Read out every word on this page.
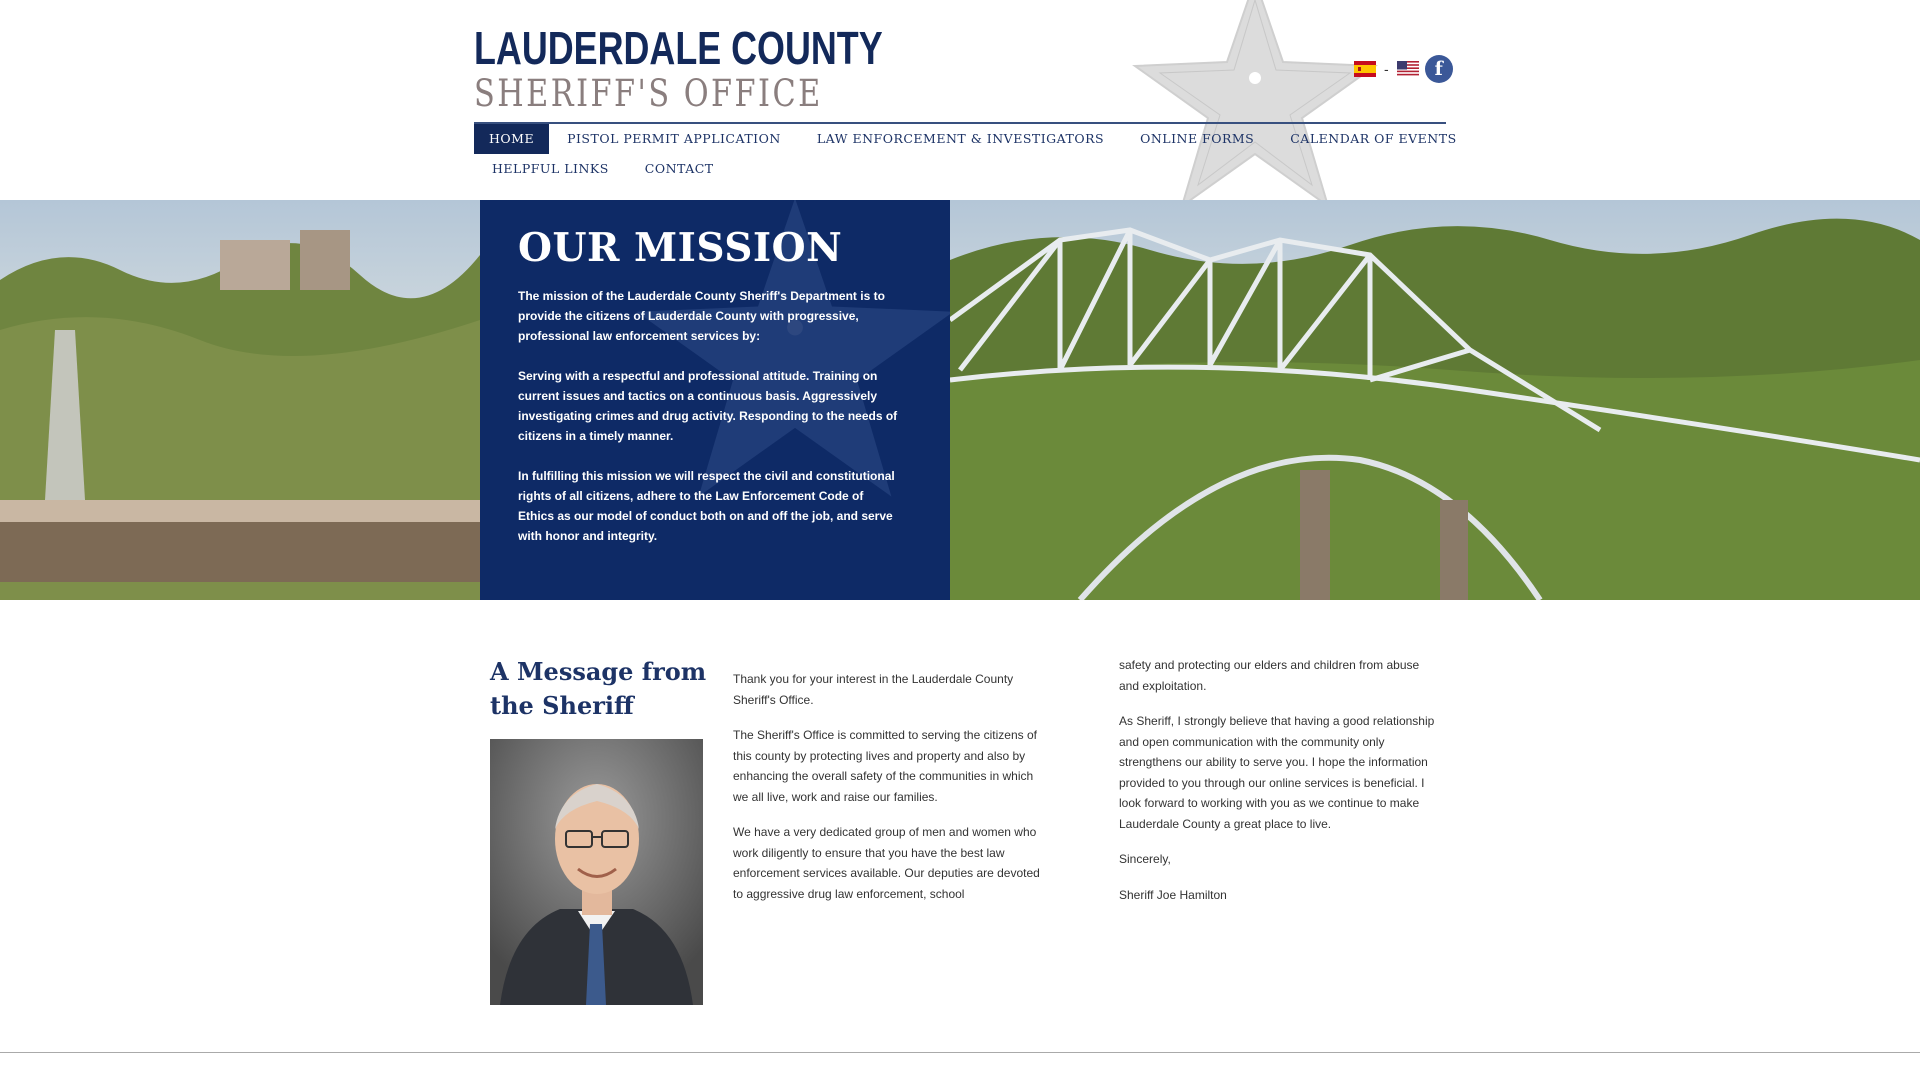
LAUDERDALE COUNTY
SHERIFF'S OFFICE
-	f
HOME	PISTOL PERMIT APPLICATION	LAW ENFORCEMENT & INVESTIGATORS	ONLINE FORMS	CALENDAR OF EVENTS
HELPFUL LINKS	CONTACT
OUR MISSION

The mission of the Lauderdale County Sheriff's Department is to provide the citizens of Lauderdale County with progressive, professional law enforcement services by:

Serving with a respectful and professional attitude. Training on current issues and tactics on a continuous basis. Aggressively investigating crimes and drug activity. Responding to the needs of citizens in a timely manner.

In fulfilling this mission we will respect the civil and constitutional rights of all citizens, adhere to the Law Enforcement Code of Ethics as our model of conduct both on and off the job, and serve with honor and integrity.

A Message from the Sheriff

Thank you for your interest in the Lauderdale County Sheriff's Office.

The Sheriff's Office is committed to serving the citizens of this county by protecting lives and property and also by enhancing the overall safety of the communities in which we all live, work and raise our families.

We have a very dedicated group of men and women who work diligently to ensure that you have the best law enforcement services available. Our deputies are devoted to aggressive drug law enforcement, school

safety and protecting our elders and children from abuse and exploitation.

As Sheriff, I strongly believe that having a good relationship and open communication with the community only strengthens our ability to serve you. I hope the information provided to you through our online services is beneficial. I look forward to working with you as we continue to make Lauderdale County a great place to live.

Sincerely,

Sheriff Joe Hamilton
